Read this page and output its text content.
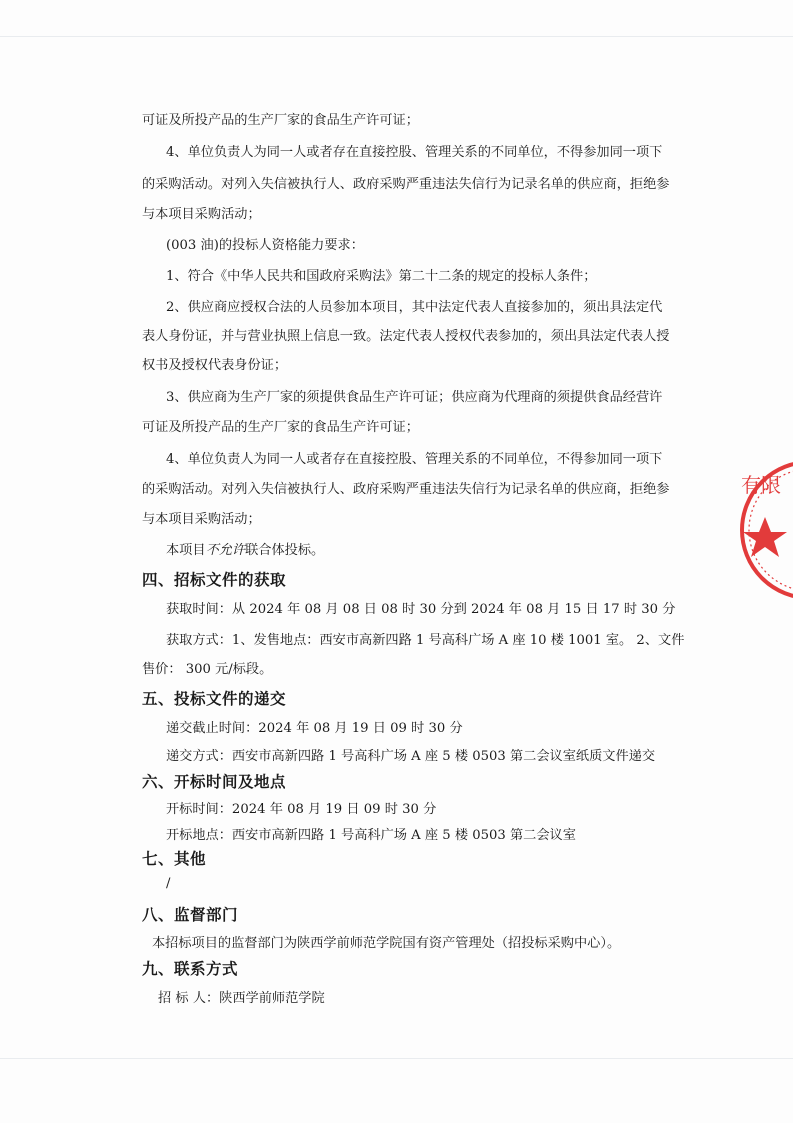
可证及所投产品的生产厂家的食品生产许可证；

4、单位负责人为同一人或者存在直接控股、管理关系的不同单位，不得参加同一项下

的采购活动。对列入失信被执行人、政府采购严重违法失信行为记录名单的供应商，拒绝参

与本项目采购活动；

(003 油)的投标人资格能力要求：

1、符合《中华人民共和国政府采购法》第二十二条的规定的投标人条件；

2、供应商应授权合法的人员参加本项目，其中法定代表人直接参加的，须出具法定代

表人身份证，并与营业执照上信息一致。法定代表人授权代表参加的，须出具法定代表人授

权书及授权代表身份证；

3、供应商为生产厂家的须提供食品生产许可证；供应商为代理商的须提供食品经营许

可证及所投产品的生产厂家的食品生产许可证；

4、单位负责人为同一人或者存在直接控股、管理关系的不同单位，不得参加同一项下

的采购活动。对列入失信被执行人、政府采购严重违法失信行为记录名单的供应商，拒绝参

与本项目采购活动；

本项目不允许联合体投标。

四、招标文件的获取

获取时间：从 2024 年 08 月 08 日 08 时 30 分到 2024 年 08 月 15 日 17 时 30 分

获取方式：1、发售地点：西安市高新四路 1 号高科广场 A 座 10 楼 1001 室。 2、文件

售价： 300 元/标段。

五、投标文件的递交

递交截止时间：2024 年 08 月 19 日 09 时 30 分

递交方式：西安市高新四路 1 号高科广场 A 座 5 楼 0503 第二会议室纸质文件递交

六、开标时间及地点

开标时间：2024 年 08 月 19 日 09 时 30 分

开标地点：西安市高新四路 1 号高科广场 A 座 5 楼 0503 第二会议室

七、其他

/

八、监督部门

本招标项目的监督部门为陕西学前师范学院国有资产管理处（招投标采购中心）。

九、联系方式

招 标 人：陕西学前师范学院

有限
